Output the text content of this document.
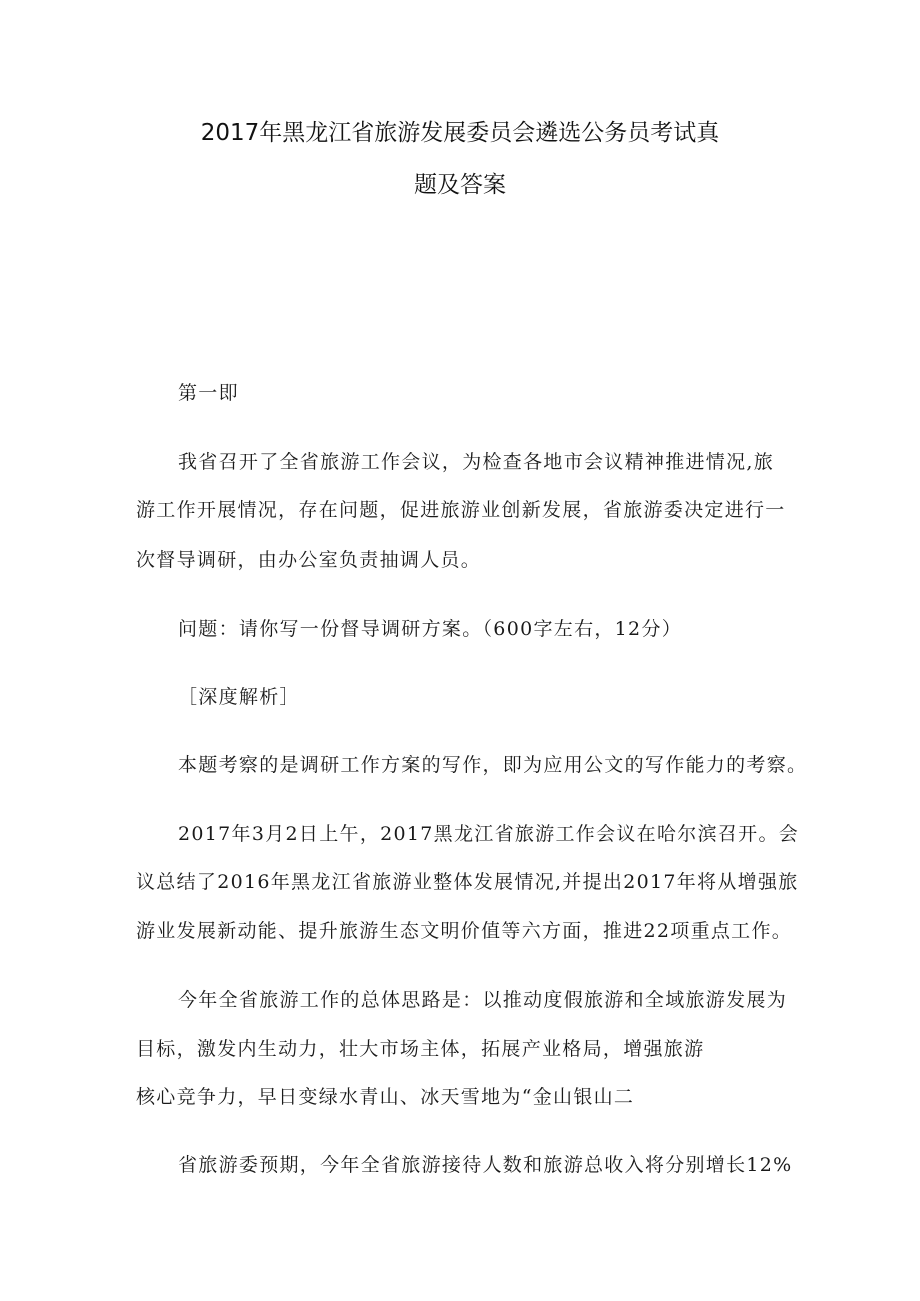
2017年黑龙江省旅游发展委员会遴选公务员考试真
题及答案
第一即
我省召开了全省旅游工作会议，为检查各地市会议精神推进情况,旅
游工作开展情况，存在问题，促进旅游业创新发展，省旅游委决定进行一
次督导调研，由办公室负责抽调人员。
问题：请你写一份督导调研方案。（600字左右，12分）
［深度解析］
本题考察的是调研工作方案的写作，即为应用公文的写作能力的考察。
2017年3月2日上午，2017黑龙江省旅游工作会议在哈尔滨召开。会
议总结了2016年黑龙江省旅游业整体发展情况,并提出2017年将从增强旅
游业发展新动能、提升旅游生态文明价值等六方面，推进22项重点工作。
今年全省旅游工作的总体思路是：以推动度假旅游和全域旅游发展为
目标，激发内生动力，壮大市场主体，拓展产业格局，增强旅游
核心竞争力，早日变绿水青山、冰天雪地为“金山银山二
省旅游委预期，今年全省旅游接待人数和旅游总收入将分别增长12%
